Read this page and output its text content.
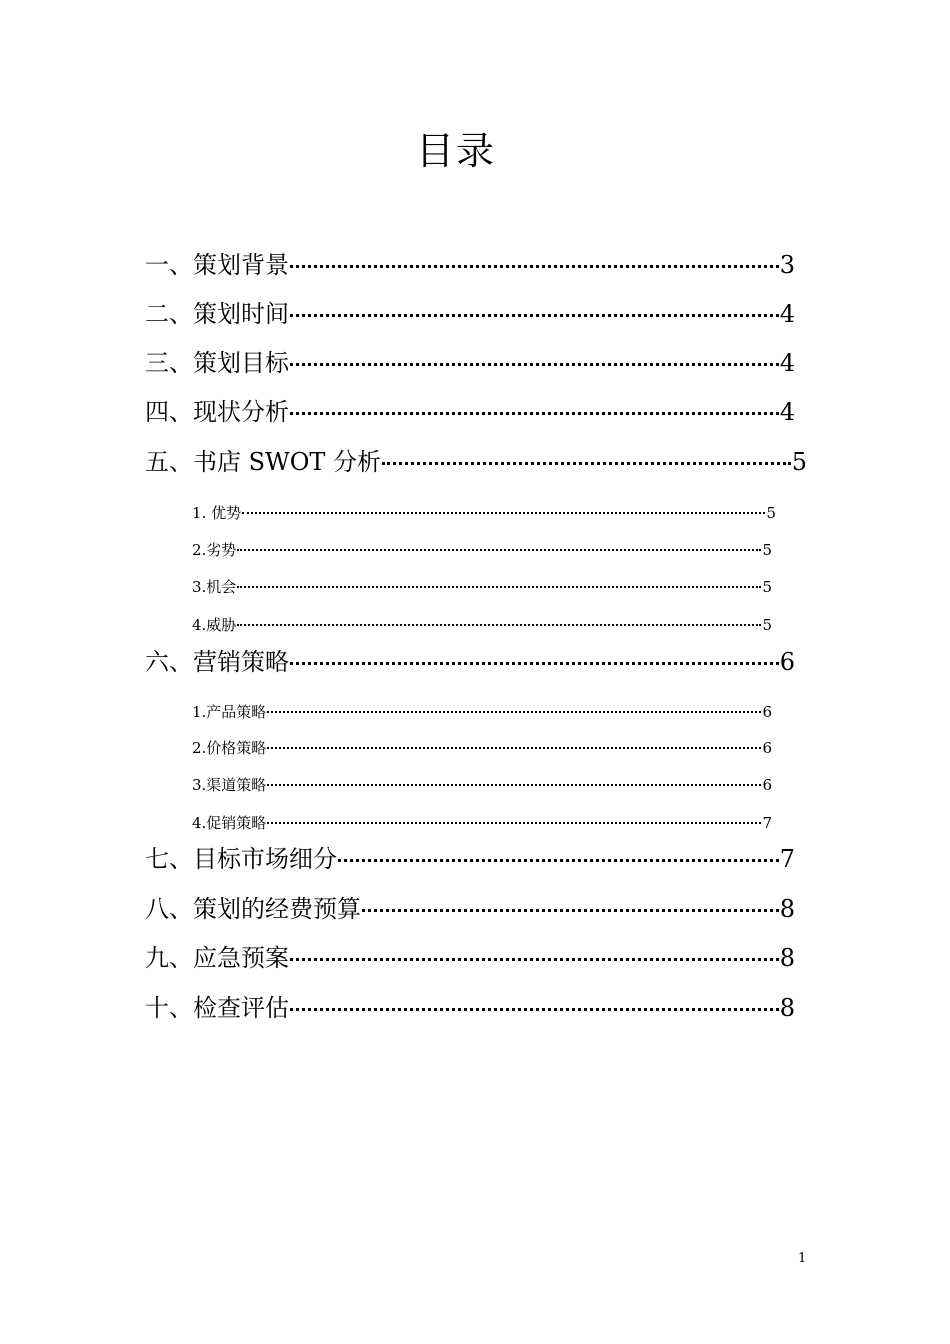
目录
一、策划背景	3
二、策划时间	4
三、策划目标	4
四、现状分析	4
五、书店 SWOT 分析	5
1. 优势	5
2.劣势	5
3.机会	5
4.威胁	5
六、营销策略	6
1.产品策略	6
2.价格策略	6
3.渠道策略	6
4.促销策略	7
七、目标市场细分	7
八、策划的经费预算	8
九、应急预案	8
十、检查评估	8
1
